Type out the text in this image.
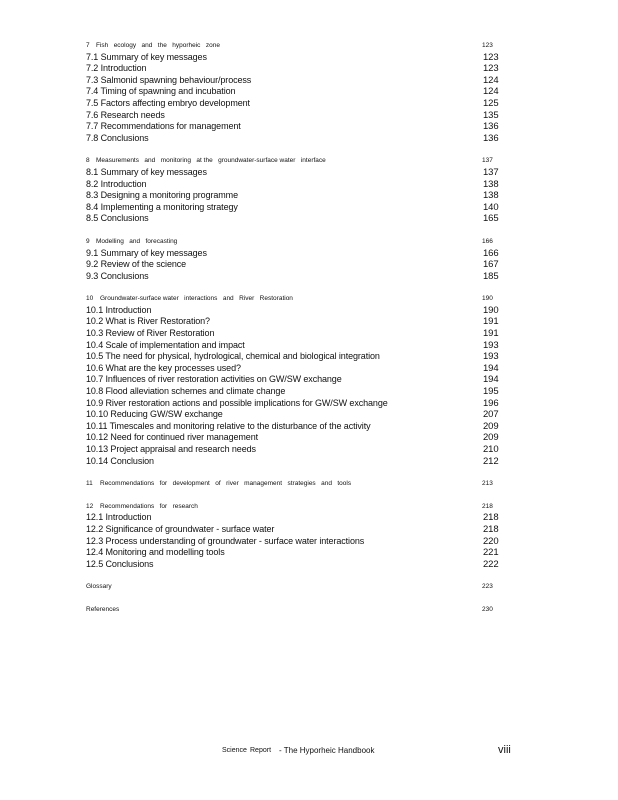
7 Fish   ecology   and   the   hyporheic   zone	123
7.1 Summary of key messages	123
7.2 Introduction	123
7.3 Salmonid spawning behaviour/process	124
7.4 Timing of spawning and incubation	124
7.5 Factors affecting embryo development	125
7.6 Research needs	135
7.7 Recommendations for management	136
7.8 Conclusions	136
8 Measurements   and   monitoring   at the   groundwater-surface water   interface	137
8.1 Summary of key messages	137
8.2 Introduction	138
8.3 Designing a monitoring programme	138
8.4 Implementing a monitoring strategy	140
8.5 Conclusions	165
9 Modelling   and   forecasting	166
9.1 Summary of key messages	166
9.2 Review of the science	167
9.3 Conclusions	185
10 Groundwater-surface water   interactions   and   River   Restoration	190
10.1 Introduction	190
10.2 What is River Restoration?	191
10.3 Review of River Restoration	191
10.4 Scale of implementation and impact	193
10.5 The need for physical, hydrological, chemical and biological integration	193
10.6 What are the key processes used?	194
10.7 Influences of river restoration activities on GW/SW exchange	194
10.8 Flood alleviation schemes and climate change	195
10.9 River restoration actions and possible implications for GW/SW exchange	196
10.10 Reducing GW/SW exchange	207
10.11 Timescales and monitoring relative to the disturbance of the activity	209
10.12 Need for continued river management	209
10.13 Project appraisal and research needs	210
10.14 Conclusion	212
11 Recommendations   for   development   of   river   management   strategies   and   tools	213
12 Recommendations   for   research	218
12.1 Introduction	218
12.2 Significance of groundwater - surface water	218
12.3 Process understanding of groundwater - surface water interactions	220
12.4 Monitoring and modelling tools	221
12.5 Conclusions	222
Glossary	223
References	230
Science Report - The Hyporheic Handbook	viii
